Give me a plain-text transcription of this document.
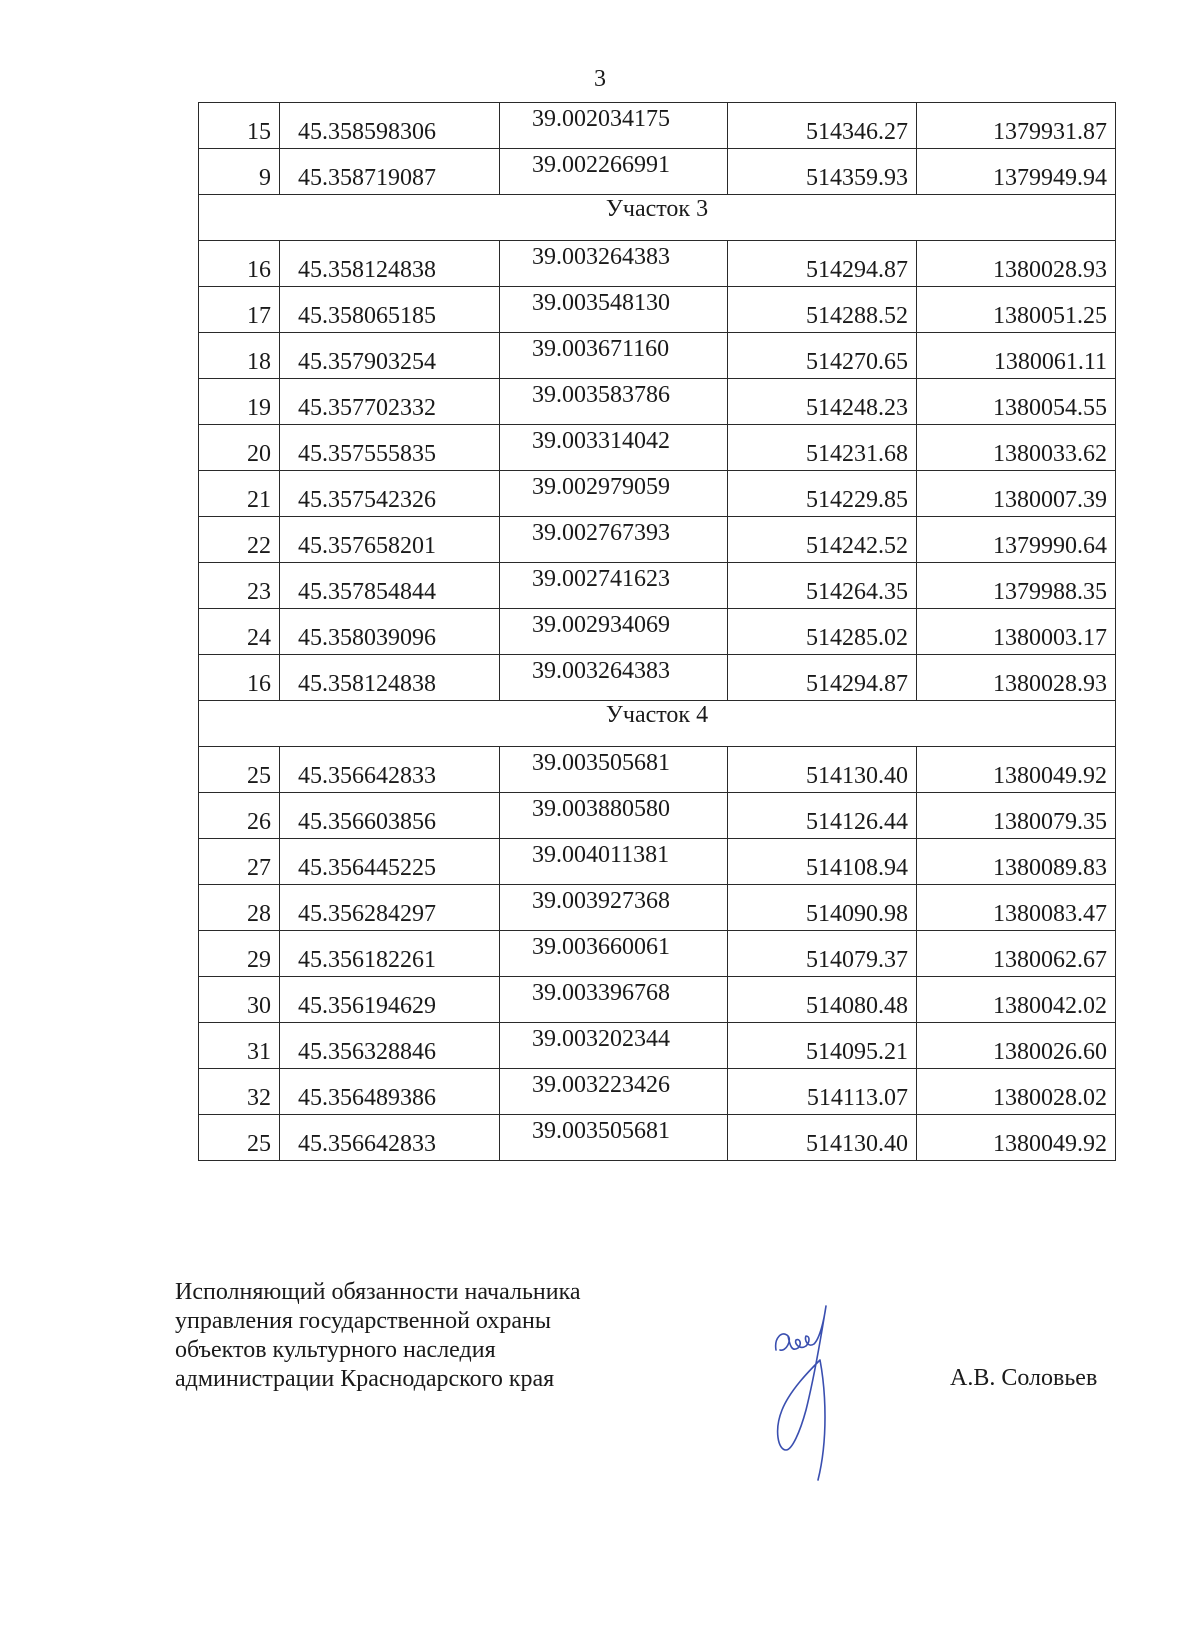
3
15	45.358598306	39.002034175	514346.27	1379931.87
9	45.358719087	39.002266991	514359.93	1379949.94
Участок 3				
16	45.358124838	39.003264383	514294.87	1380028.93
17	45.358065185	39.003548130	514288.52	1380051.25
18	45.357903254	39.003671160	514270.65	1380061.11
19	45.357702332	39.003583786	514248.23	1380054.55
20	45.357555835	39.003314042	514231.68	1380033.62
21	45.357542326	39.002979059	514229.85	1380007.39
22	45.357658201	39.002767393	514242.52	1379990.64
23	45.357854844	39.002741623	514264.35	1379988.35
24	45.358039096	39.002934069	514285.02	1380003.17
16	45.358124838	39.003264383	514294.87	1380028.93
Участок 4				
25	45.356642833	39.003505681	514130.40	1380049.92
26	45.356603856	39.003880580	514126.44	1380079.35
27	45.356445225	39.004011381	514108.94	1380089.83
28	45.356284297	39.003927368	514090.98	1380083.47
29	45.356182261	39.003660061	514079.37	1380062.67
30	45.356194629	39.003396768	514080.48	1380042.02
31	45.356328846	39.003202344	514095.21	1380026.60
32	45.356489386	39.003223426	514113.07	1380028.02
25	45.356642833	39.003505681	514130.40	1380049.92
Исполняющий обязанности начальника
управления государственной охраны
объектов культурного наследия
администрации Краснодарского края	А.В. Соловьев
